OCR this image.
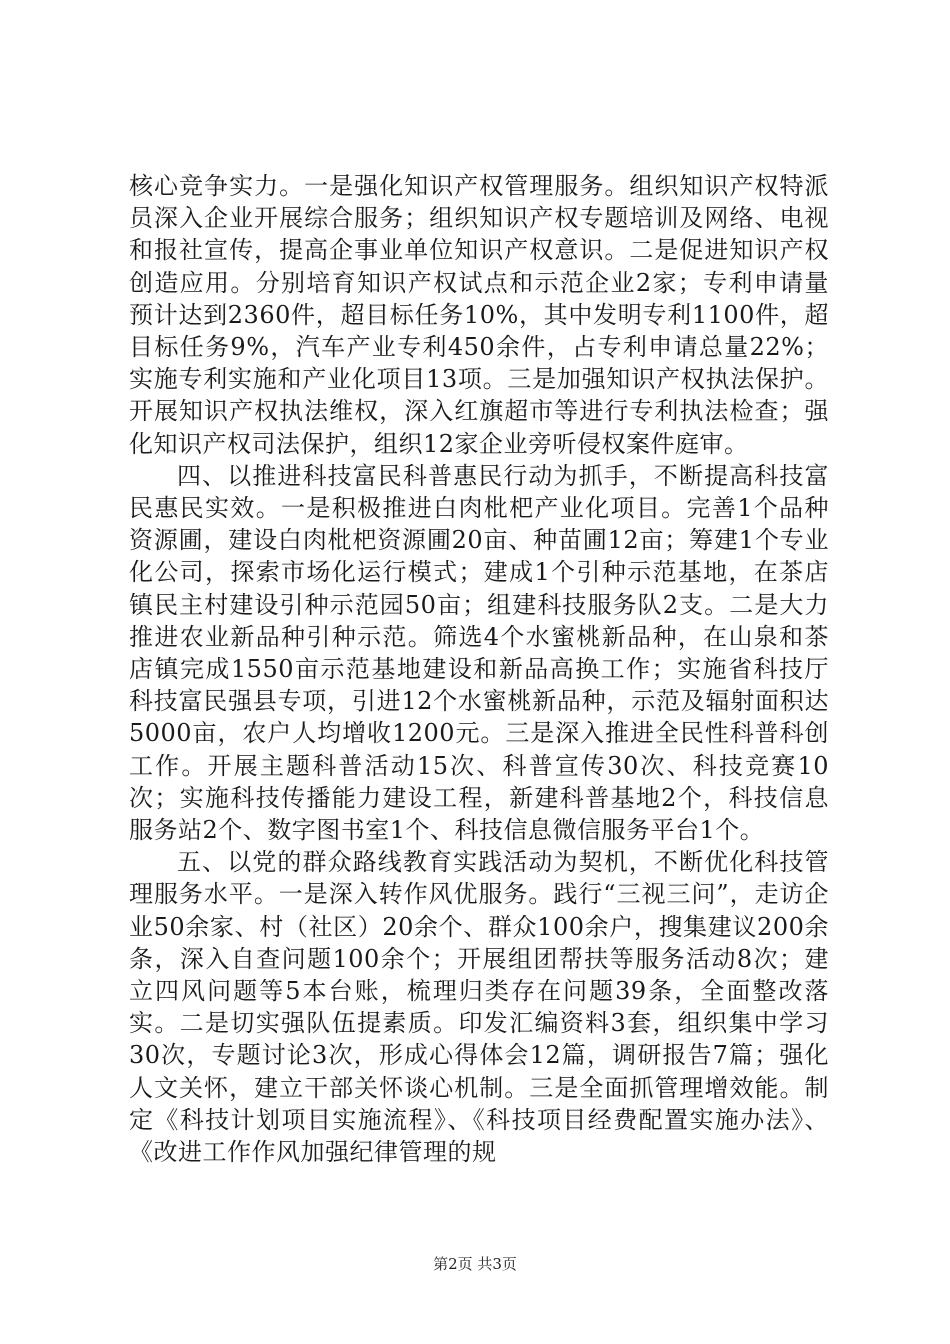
核心竞争实力。一是强化知识产权管理服务。组织知识产权特派员深入企业开展综合服务；组织知识产权专题培训及网络、电视和报社宣传，提高企事业单位知识产权意识。二是促进知识产权创造应用。分别培育知识产权试点和示范企业2家；专利申请量预计达到2360件，超目标任务10%，其中发明专利1100件，超目标任务9%，汽车产业专利450余件，占专利申请总量22%；实施专利实施和产业化项目13项。三是加强知识产权执法保护。开展知识产权执法维权，深入红旗超市等进行专利执法检查；强化知识产权司法保护，组织12家企业旁听侵权案件庭审。

四、以推进科技富民科普惠民行动为抓手，不断提高科技富民惠民实效。一是积极推进白肉枇杷产业化项目。完善1个品种资源圃，建设白肉枇杷资源圃20亩、种苗圃12亩；筹建1个专业化公司，探索市场化运行模式；建成1个引种示范基地，在茶店镇民主村建设引种示范园50亩；组建科技服务队2支。二是大力推进农业新品种引种示范。筛选4个水蜜桃新品种，在山泉和茶店镇完成1550亩示范基地建设和新品高换工作；实施省科技厅科技富民强县专项，引进12个水蜜桃新品种，示范及辐射面积达5000亩，农户人均增收1200元。三是深入推进全民性科普科创工作。开展主题科普活动15次、科普宣传30次、科技竞赛10次；实施科技传播能力建设工程，新建科普基地2个，科技信息服务站2个、数字图书室1个、科技信息微信服务平台1个。

五、以党的群众路线教育实践活动为契机，不断优化科技管理服务水平。一是深入转作风优服务。践行“三视三问”，走访企业50余家、村（社区）20余个、群众100余户，搜集建议200余条，深入自查问题100余个；开展组团帮扶等服务活动8次；建立四风问题等5本台账，梳理归类存在问题39条，全面整改落实。二是切实强队伍提素质。印发汇编资料3套，组织集中学习30次，专题讨论3次，形成心得体会12篇，调研报告7篇；强化人文关怀，建立干部关怀谈心机制。三是全面抓管理增效能。制定《科技计划项目实施流程》、《科技项目经费配置实施办法》、《改进工作作风加强纪律管理的规

第2页 共3页
